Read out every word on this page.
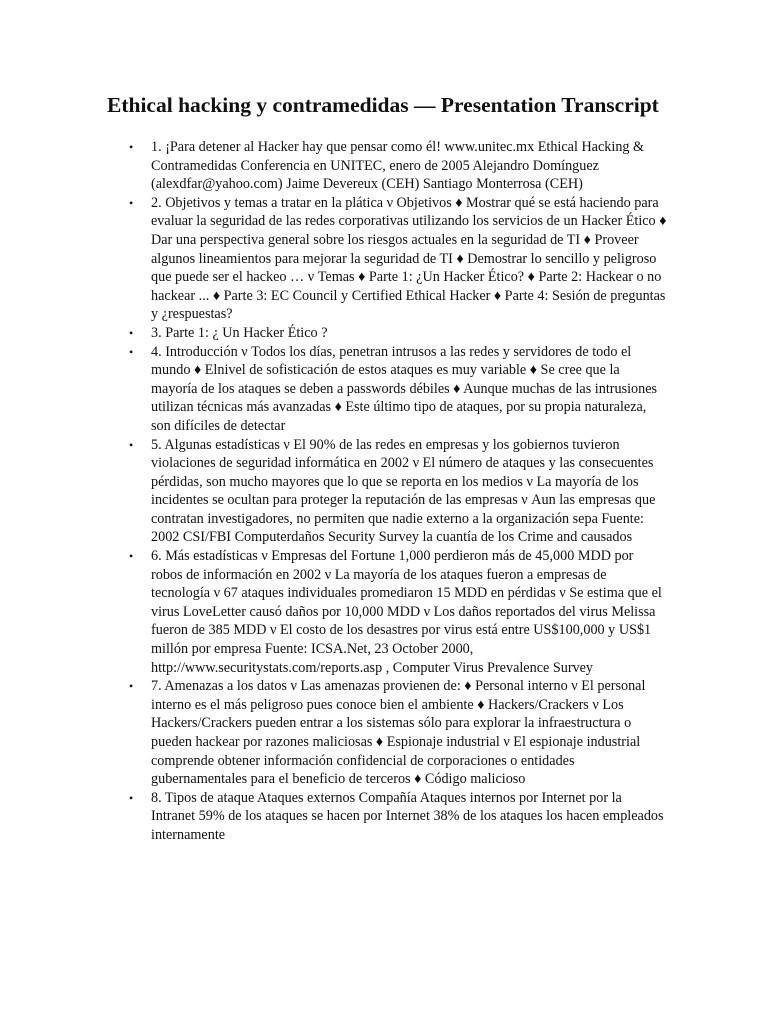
Ethical hacking y contramedidas — Presentation Transcript
• 1. ¡Para detener al Hacker hay que pensar como él! www.unitec.mx Ethical Hacking & Contramedidas Conferencia en UNITEC, enero de 2005 Alejandro Domínguez (alexdfar@yahoo.com) Jaime Devereux (CEH) Santiago Monterrosa (CEH)
• 2. Objetivos y temas a tratar en la plática ν Objetivos ♦ Mostrar qué se está haciendo para evaluar la seguridad de las redes corporativas utilizando los servicios de un Hacker Ético ♦ Dar una perspectiva general sobre los riesgos actuales en la seguridad de TI ♦ Proveer algunos lineamientos para mejorar la seguridad de TI ♦ Demostrar lo sencillo y peligroso que puede ser el hackeo … ν Temas ♦ Parte 1: ¿Un Hacker Ético? ♦ Parte 2: Hackear o no hackear ... ♦ Parte 3: EC Council y Certified Ethical Hacker ♦ Parte 4: Sesión de preguntas y ¿respuestas?
• 3. Parte 1: ¿ Un Hacker Ético ?
• 4. Introducción ν Todos los días, penetran intrusos a las redes y servidores de todo el mundo ♦ Elnivel de sofisticación de estos ataques es muy variable ♦ Se cree que la mayoría de los ataques se deben a passwords débiles ♦ Aunque muchas de las intrusiones utilizan técnicas más avanzadas ♦ Este último tipo de ataques, por su propia naturaleza, son difíciles de detectar
• 5. Algunas estadísticas ν El 90% de las redes en empresas y los gobiernos tuvieron violaciones de seguridad informática en 2002 ν El número de ataques y las consecuentes pérdidas, son mucho mayores que lo que se reporta en los medios ν La mayoría de los incidentes se ocultan para proteger la reputación de las empresas ν Aun las empresas que contratan investigadores, no permiten que nadie externo a la organización sepa Fuente: 2002 CSI/FBI Computerdaños Security Survey la cuantía de los Crime and causados
• 6. Más estadísticas ν Empresas del Fortune 1,000 perdieron más de 45,000 MDD por robos de información en 2002 ν La mayoría de los ataques fueron a empresas de tecnología ν 67 ataques individuales promediaron 15 MDD en pérdidas ν Se estima que el virus LoveLetter causó daños por 10,000 MDD ν Los daños reportados del virus Melissa fueron de 385 MDD ν El costo de los desastres por virus está entre US$100,000 y US$1 millón por empresa Fuente: ICSA.Net, 23 October 2000, http://www.securitystats.com/reports.asp , Computer Virus Prevalence Survey
• 7. Amenazas a los datos ν Las amenazas provienen de: ♦ Personal interno ν El personal interno es el más peligroso pues conoce bien el ambiente ♦ Hackers/Crackers ν Los Hackers/Crackers pueden entrar a los sistemas sólo para explorar la infraestructura o pueden hackear por razones maliciosas ♦ Espionaje industrial ν El espionaje industrial comprende obtener información confidencial de corporaciones o entidades gubernamentales para el beneficio de terceros ♦ Código malicioso
• 8. Tipos de ataque Ataques externos Compañía Ataques internos por Internet por la Intranet 59% de los ataques se hacen por Internet 38% de los ataques los hacen empleados internamente
